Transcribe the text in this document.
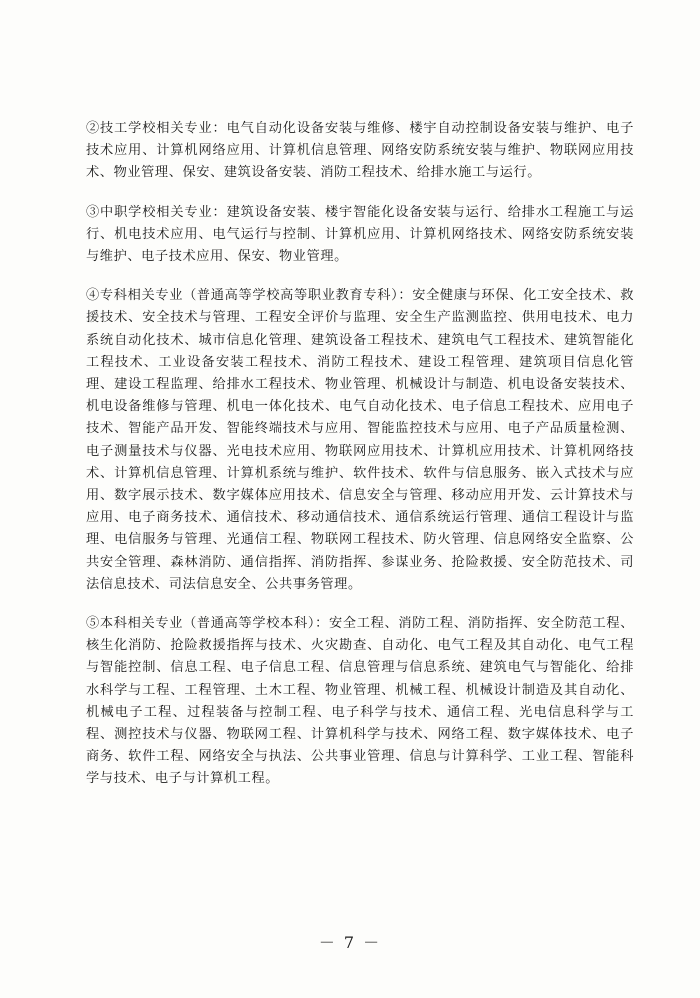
②技工学校相关专业：电气自动化设备安装与维修、楼宇自动控制设备安装与维护、电子技术应用、计算机网络应用、计算机信息管理、网络安防系统安装与维护、物联网应用技术、物业管理、保安、建筑设备安装、消防工程技术、给排水施工与运行。

③中职学校相关专业：建筑设备安装、楼宇智能化设备安装与运行、给排水工程施工与运行、机电技术应用、电气运行与控制、计算机应用、计算机网络技术、网络安防系统安装与维护、电子技术应用、保安、物业管理。

④专科相关专业（普通高等学校高等职业教育专科）：安全健康与环保、化工安全技术、救援技术、安全技术与管理、工程安全评价与监理、安全生产监测监控、供用电技术、电力系统自动化技术、城市信息化管理、建筑设备工程技术、建筑电气工程技术、建筑智能化工程技术、工业设备安装工程技术、消防工程技术、建设工程管理、建筑项目信息化管理、建设工程监理、给排水工程技术、物业管理、机械设计与制造、机电设备安装技术、机电设备维修与管理、机电一体化技术、电气自动化技术、电子信息工程技术、应用电子技术、智能产品开发、智能终端技术与应用、智能监控技术与应用、电子产品质量检测、 电子测量技术与仪器、光电技术应用、物联网应用技术、计算机应用技术、计算机网络技术、计算机信息管理、计算机系统与维护、软件技术、软件与信息服务、嵌入式技术与应用、数字展示技术、数字媒体应用技术、信息安全与管理、移动应用开发、云计算技术与应用、电子商务技术、通信技术、移动通信技术、通信系统运行管理、通信工程设计与监理、电信服务与管理、光通信工程、物联网工程技术、防火管理、信息网络安全监察、公共安全管理、森林消防、通信指挥、消防指挥、参谋业务、抢险救援、安全防范技术、司法信息技术、司法信息安全、公共事务管理。

⑤本科相关专业（普通高等学校本科）：安全工程、消防工程、消防指挥、安全防范工程、核生化消防、抢险救援指挥与技术、火灾勘查、自动化、电气工程及其自动化、电气工程与智能控制、信息工程、电子信息工程、信息管理与信息系统、建筑电气与智能化、给排水科学与工程、工程管理、土木工程、物业管理、机械工程、机械设计制造及其自动化、机械电子工程、过程装备与控制工程、电子科学与技术、通信工程、光电信息科学与工程、测控技术与仪器、物联网工程、计算机科学与技术、网络工程、数字媒体技术、电子商务、软件工程、网络安全与执法、公共事业管理、信息与计算科学、工业工程、智能科学与技术、电子与计算机工程。

－ 7 －
